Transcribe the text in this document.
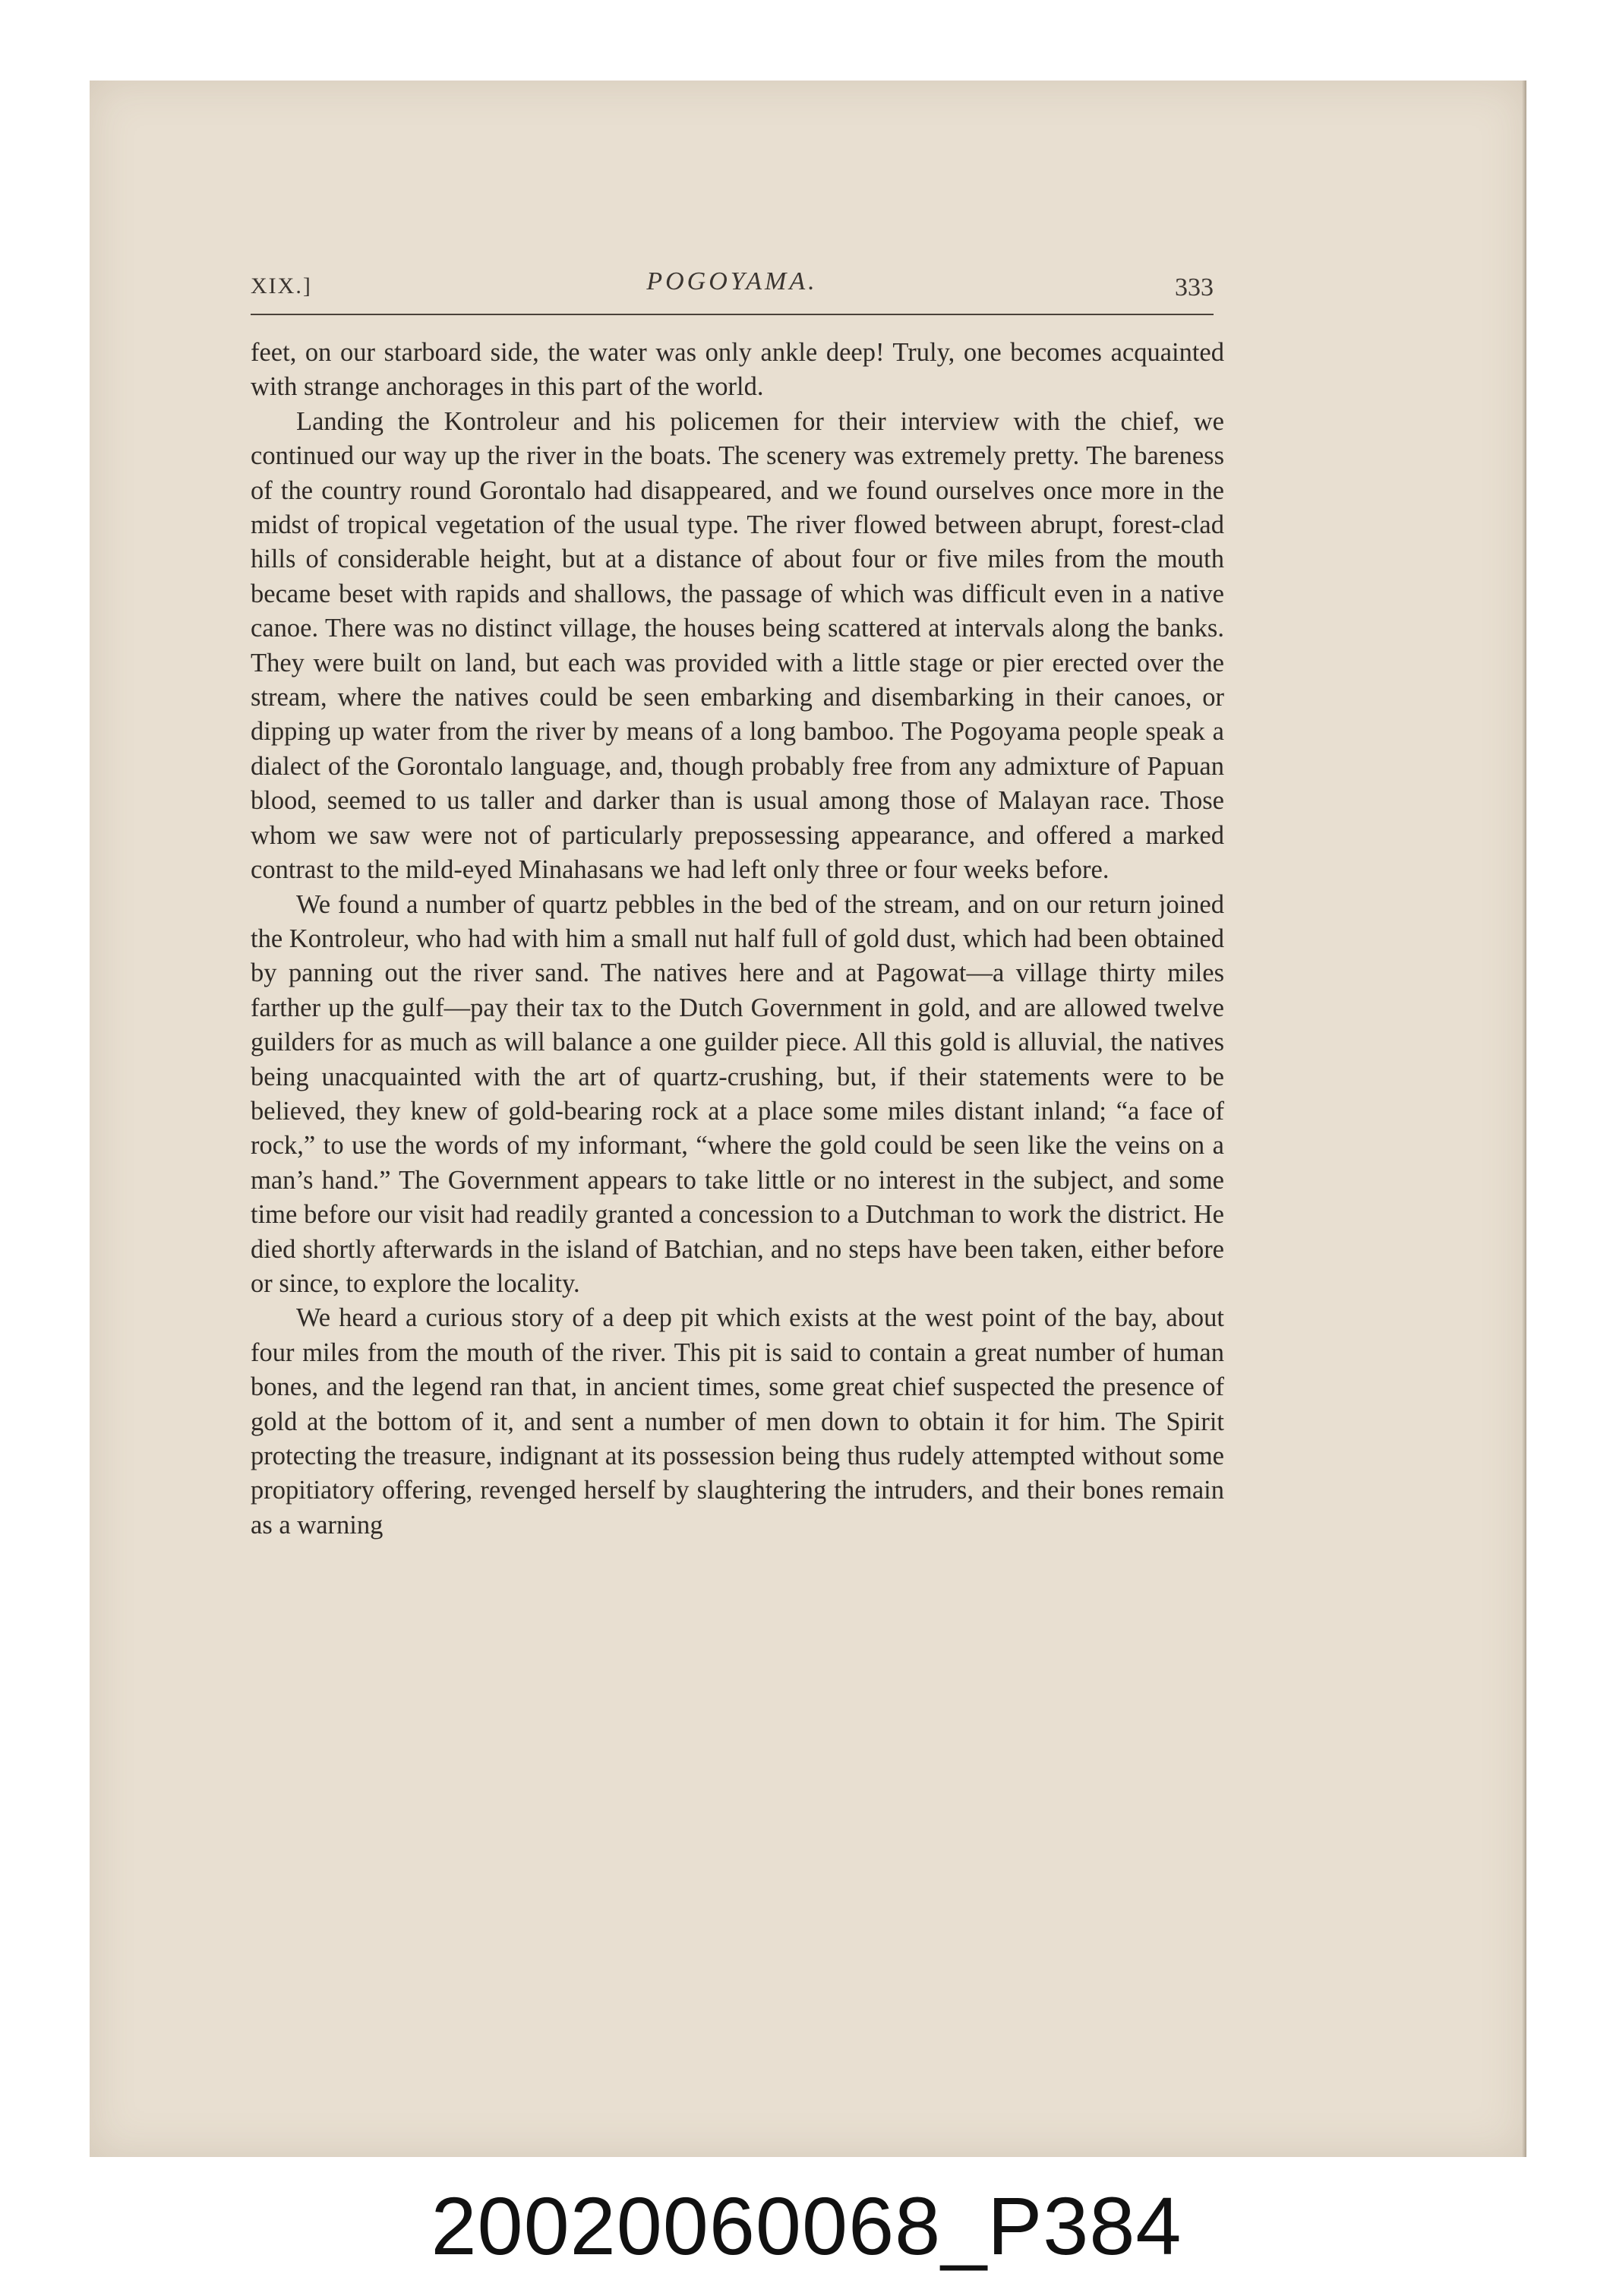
XIX.]	POGOYAMA.	333

feet, on our starboard side, the water was only ankle deep! Truly, one becomes acquainted with strange anchorages in this part of the world.

Landing the Kontroleur and his policemen for their interview with the chief, we continued our way up the river in the boats. The scenery was extremely pretty. The bareness of the country round Gorontalo had disappeared, and we found ourselves once more in the midst of tropical vegetation of the usual type. The river flowed between abrupt, forest-clad hills of considerable height, but at a distance of about four or five miles from the mouth became beset with rapids and shallows, the passage of which was difficult even in a native canoe. There was no distinct village, the houses being scattered at intervals along the banks. They were built on land, but each was provided with a little stage or pier erected over the stream, where the natives could be seen embarking and disembarking in their canoes, or dipping up water from the river by means of a long bamboo. The Pogoyama people speak a dialect of the Gorontalo language, and, though probably free from any admixture of Papuan blood, seemed to us taller and darker than is usual among those of Malayan race. Those whom we saw were not of particularly prepossessing appearance, and offered a marked contrast to the mild-eyed Minahasans we had left only three or four weeks before.

We found a number of quartz pebbles in the bed of the stream, and on our return joined the Kontroleur, who had with him a small nut half full of gold dust, which had been obtained by panning out the river sand. The natives here and at Pagowat—a village thirty miles farther up the gulf—pay their tax to the Dutch Government in gold, and are allowed twelve guilders for as much as will balance a one guilder piece. All this gold is alluvial, the natives being unacquainted with the art of quartz-crushing, but, if their statements were to be believed, they knew of gold-bearing rock at a place some miles distant inland; “a face of rock,” to use the words of my informant, “where the gold could be seen like the veins on a man’s hand.” The Government appears to take little or no interest in the subject, and some time before our visit had readily granted a concession to a Dutchman to work the district. He died shortly afterwards in the island of Batchian, and no steps have been taken, either before or since, to explore the locality.

We heard a curious story of a deep pit which exists at the west point of the bay, about four miles from the mouth of the river. This pit is said to contain a great number of human bones, and the legend ran that, in ancient times, some great chief suspected the presence of gold at the bottom of it, and sent a number of men down to obtain it for him. The Spirit protecting the treasure, indignant at its possession being thus rudely attempted without some propitiatory offering, revenged herself by slaughtering the intruders, and their bones remain as a warning

20020060068_P384
